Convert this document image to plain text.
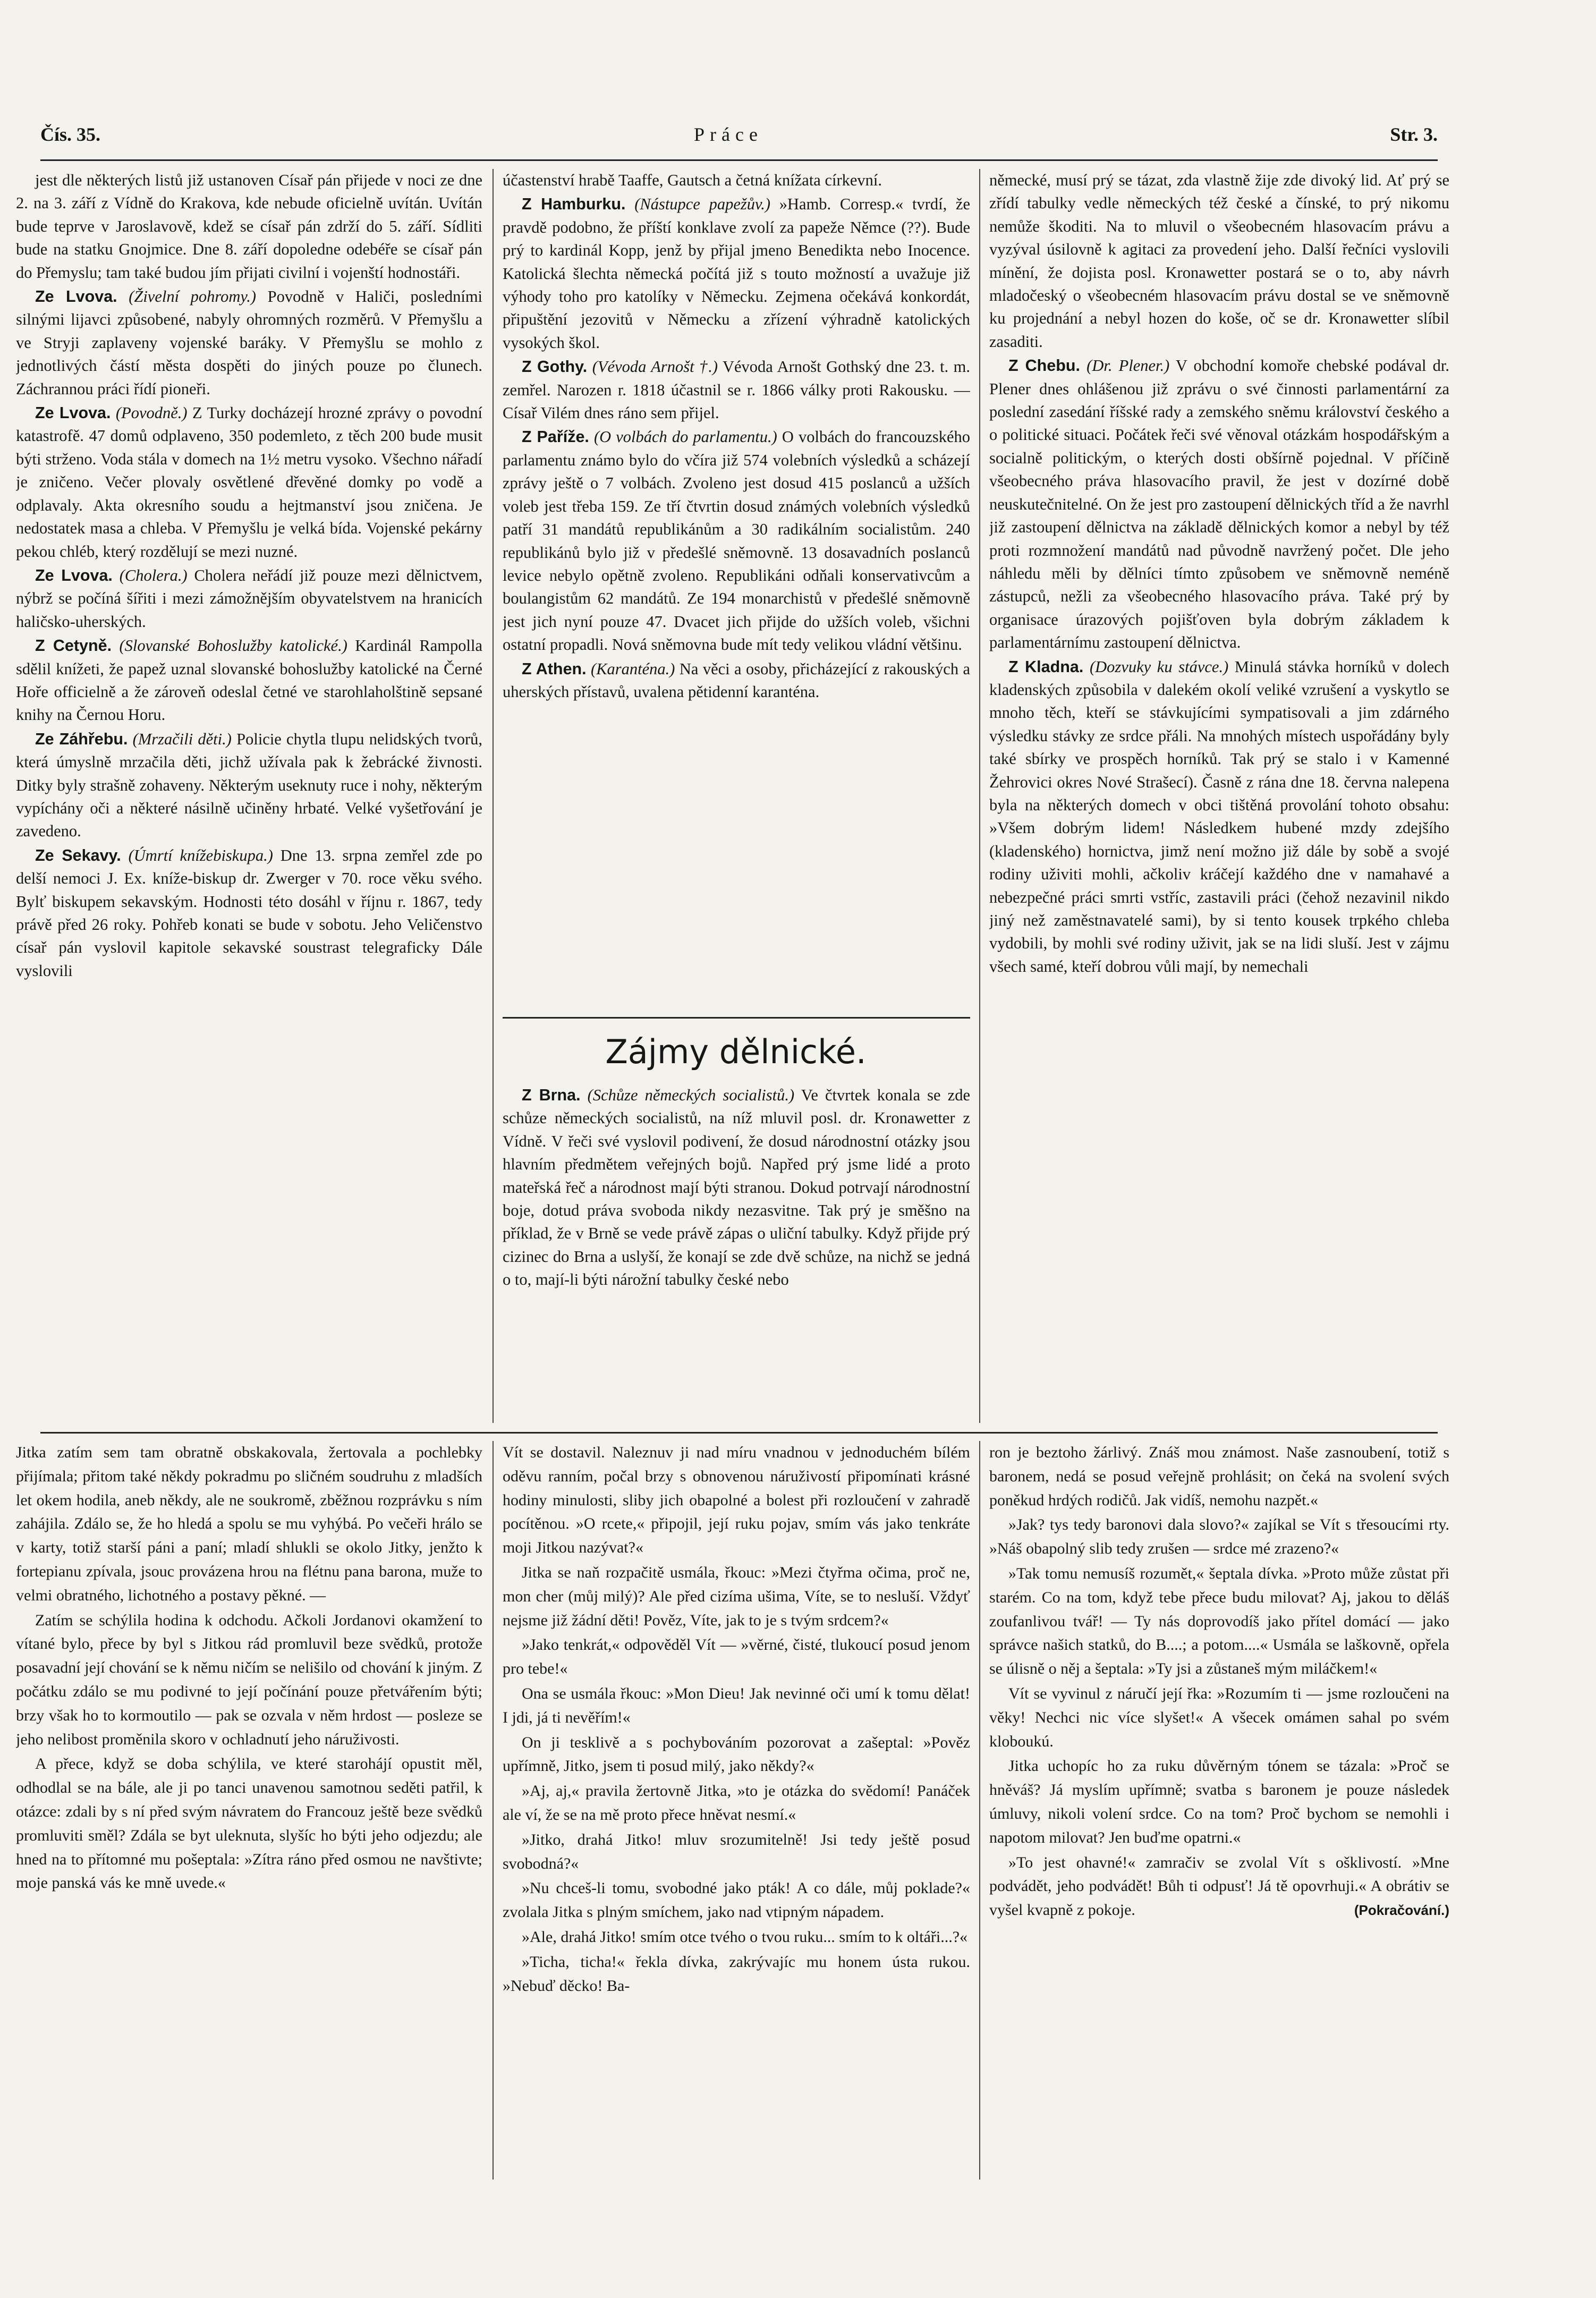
Čís. 35.	Práce	Str. 3.

jest dle některých listů již ustanoven Císař pán přijede v noci ze dne 2. na 3. září z Vídně do Krakova, kde nebude oficielně uvítán. Uvítán bude teprve v Jaroslavově, kdež se císař pán zdrží do 5. září. Sídliti bude na statku Gnojmice. Dne 8. září dopoledne odebéře se císař pán do Přemyslu; tam také budou jím přijati civilní i vojenští hodnostáři.

Ze Lvova. (Živelní pohromy.) Povodně v Haliči, posledními silnými lijavci způsobené, nabyly ohromných rozměrů. V Přemyšlu a ve Stryji zaplaveny vojenské baráky. V Přemyšlu se mohlo z jednotlivých částí města dospěti do jiných pouze po člunech. Záchrannou práci řídí pioneři.

Ze Lvova. (Povodně.) Z Turky docházejí hrozné zprávy o povodní katastrofě. 47 domů odplaveno, 350 podemleto, z těch 200 bude musit býti strženo. Voda stála v domech na 1½ metru vysoko. Všechno nářadí je zničeno. Večer plovaly osvětlené dřevěné domky po vodě a odplavaly. Akta okresního soudu a hejtmanství jsou zničena. Je nedostatek masa a chleba. V Přemyšlu je velká bída. Vojenské pekárny pekou chléb, který rozdělují se mezi nuzné.

Ze Lvova. (Cholera.) Cholera neřádí již pouze mezi dělnictvem, nýbrž se počíná šířiti i mezi zámožnějším obyvatelstvem na hranicích haličsko-uherských.

Z Cetyně. (Slovanské Bohoslužby katolické.) Kardinál Rampolla sdělil knížeti, že papež uznal slovanské bohoslužby katolické na Černé Hoře officielně a že zároveň odeslal četné ve starohlaholštině sepsané knihy na Černou Horu.

Ze Záhřebu. (Mrzačili děti.) Policie chytla tlupu nelidských tvorů, která úmyslně mrzačila děti, jichž užívala pak k žebrácké živnosti. Ditky byly strašně zohaveny. Některým useknuty ruce i nohy, některým vypíchány oči a některé násilně učiněny hrbaté. Velké vyšetřování je zavedeno.

Ze Sekavy. (Úmrtí knížebiskupa.) Dne 13. srpna zemřel zde po delší nemoci J. Ex. kníže-biskup dr. Zwerger v 70. roce věku svého. Bylť biskupem sekavským. Hodnosti této dosáhl v říjnu r. 1867, tedy právě před 26 roky. Pohřeb konati se bude v sobotu. Jeho Veličenstvo císař pán vyslovil kapitole sekavské soustrast telegraficky Dále vyslovili

účastenství hrabě Taaffe, Gautsch a četná knížata církevní.

Z Hamburku. (Nástupce papežův.) »Hamb. Corresp.« tvrdí, že pravdě podobno, že příští konklave zvolí za papeže Němce (??). Bude prý to kardinál Kopp, jenž by přijal jmeno Benedikta nebo Inocence. Katolická šlechta německá počítá již s touto možností a uvažuje již výhody toho pro katolíky v Německu. Zejmena očekává konkordát, připuštění jezovitů v Německu a zřízení výhradně katolických vysokých škol.

Z Gothy. (Vévoda Arnošt †.) Vévoda Arnošt Gothský dne 23. t. m. zemřel. Narozen r. 1818 účastnil se r. 1866 války proti Rakousku. — Císař Vilém dnes ráno sem přijel.

Z Paříže. (O volbách do parlamentu.) O volbách do francouzského parlamentu známo bylo do včíra již 574 volebních výsledků a scházejí zprávy ještě o 7 volbách. Zvoleno jest dosud 415 poslanců a užších voleb jest třeba 159. Ze tří čtvrtin dosud známých volebních výsledků patří 31 mandátů republikánům a 30 radikálním socialistům. 240 republikánů bylo již v předešlé sněmovně. 13 dosavadních poslanců levice nebylo opětně zvoleno. Republikáni odňali konservativcům a boulangistům 62 mandátů. Ze 194 monarchistů v předešlé sněmovně jest jich nyní pouze 47. Dvacet jich přijde do užších voleb, všichni ostatní propadli. Nová sněmovna bude mít tedy velikou vládní většinu.

Z Athen. (Karanténa.) Na věci a osoby, přicházející z rakouských a uherských přístavů, uvalena pětidenní karanténa.

Zájmy dělnické.

Z Brna. (Schůze německých socialistů.) Ve čtvrtek konala se zde schůze německých socialistů, na níž mluvil posl. dr. Kronawetter z Vídně. V řeči své vyslovil podivení, že dosud národnostní otázky jsou hlavním předmětem veřejných bojů. Napřed prý jsme lidé a proto mateřská řeč a národnost mají býti stranou. Dokud potrvají národnostní boje, dotud práva svoboda nikdy nezasvitne. Tak prý je směšno na příklad, že v Brně se vede právě zápas o uliční tabulky. Když přijde prý cizinec do Brna a uslyší, že konají se zde dvě schůze, na nichž se jedná o to, mají-li býti nárožní tabulky české nebo

německé, musí prý se tázat, zda vlastně žije zde divoký lid. Ať prý se zřídí tabulky vedle německých též české a čínské, to prý nikomu nemůže škoditi. Na to mluvil o všeobecném hlasovacím právu a vyzýval úsilovně k agitaci za provedení jeho. Další řečníci vyslovili mínění, že dojista posl. Kronawetter postará se o to, aby návrh mladočeský o všeobecném hlasovacím právu dostal se ve sněmovně ku projednání a nebyl hozen do koše, oč se dr. Kronawetter slíbil zasaditi.

Z Chebu. (Dr. Plener.) V obchodní komoře chebské podával dr. Plener dnes ohlášenou již zprávu o své činnosti parlamentární za poslední zasedání říšské rady a zemského sněmu království českého a o politické situaci. Počátek řeči své věnoval otázkám hospodářským a socialně politickým, o kterých dosti obšírně pojednal. V příčině všeobecného práva hlasovacího pravil, že jest v dozírné době neuskutečnitelné. On že jest pro zastoupení dělnických tříd a že navrhl již zastoupení dělnictva na základě dělnických komor a nebyl by též proti rozmnožení mandátů nad původně navržený počet. Dle jeho náhledu měli by dělníci tímto způsobem ve sněmovně neméně zástupců, nežli za všeobecného hlasovacího práva. Také prý by organisace úrazových pojišťoven byla dobrým základem k parlamentárnímu zastoupení dělnictva.

Z Kladna. (Dozvuky ku stávce.) Minulá stávka horníků v dolech kladenských způsobila v dalekém okolí veliké vzrušení a vyskytlo se mnoho těch, kteří se stávkujícími sympatisovali a jim zdárného výsledku stávky ze srdce přáli. Na mnohých místech uspořádány byly také sbírky ve prospěch horníků. Tak prý se stalo i v Kamenné Žehrovici okres Nové Strašecí). Časně z rána dne 18. června nalepena byla na některých domech v obci tištěná provolání tohoto obsahu: »Všem dobrým lidem! Následkem hubené mzdy zdejšího (kladenského) hornictva, jimž není možno již dále by sobě a svojé rodiny uživiti mohli, ačkoliv kráčejí každého dne v namahavé a nebezpečné práci smrti vstříc, zastavili práci (čehož nezavinil nikdo jiný než zaměstnavatelé sami), by si tento kousek trpkého chleba vydobili, by mohli své rodiny uživit, jak se na lidi sluší. Jest v zájmu všech samé, kteří dobrou vůli mají, by nemechali

Jitka zatím sem tam obratně obskakovala, žertovala a pochlebky přijímala; přitom také někdy pokradmu po sličném soudruhu z mladších let okem hodila, aneb někdy, ale ne soukromě, zběžnou rozprávku s ním zahájila. Zdálo se, že ho hledá a spolu se mu vyhýbá. Po večeři hrálo se v karty, totiž starší páni a paní; mladí shlukli se okolo Jitky, jenžto k fortepianu zpívala, jsouc provázena hrou na flétnu pana barona, muže to velmi obratného, lichotného a postavy pěkné. —

Zatím se schýlila hodina k odchodu. Ačkoli Jordanovi okamžení to vítané bylo, přece by byl s Jitkou rád promluvil beze svědků, protože posavadní její chování se k němu ničím se nelišilo od chování k jiným. Z počátku zdálo se mu podivné to její počínání pouze přetvářením býti; brzy však ho to kormoutilo — pak se ozvala v něm hrdost — posleze se jeho nelibost proměnila skoro v ochladnutí jeho náruživosti.

A přece, když se doba schýlila, ve které starohájí opustit měl, odhodlal se na bále, ale ji po tanci unavenou samotnou seděti patřil, k otázce: zdali by s ní před svým návratem do Francouz ještě beze svědků promluviti směl? Zdála se byt uleknuta, slyšíc ho býti jeho odjezdu; ale hned na to přítomné mu pošeptala: »Zítra ráno před osmou ne navštivte; moje panská vás ke mně uvede.«

Vít se dostavil. Naleznuv ji nad míru vnadnou v jednoduchém bílém oděvu ranním, počal brzy s obnovenou náruživostí připomínati krásné hodiny minulosti, sliby jich obapolné a bolest při rozloučení v zahradě pocítěnou. »O rcete,« připojil, její ruku pojav, smím vás jako tenkráte moji Jitkou nazývat?«

Jitka se naň rozpačitě usmála, řkouc: »Mezi čtyřma očima, proč ne, mon cher (můj milý)? Ale před cizíma ušima, Víte, se to nesluší. Vždyť nejsme již žádní děti! Pověz, Víte, jak to je s tvým srdcem?«

»Jako tenkrát,« odpověděl Vít — »věrné, čisté, tlukoucí posud jenom pro tebe!«

Ona se usmála řkouc: »Mon Dieu! Jak nevinné oči umí k tomu dělat! I jdi, já ti nevěřím!«

On ji tesklivě a s pochybováním pozorovat a zašeptal: »Pověz upřímně, Jitko, jsem ti posud milý, jako někdy?«

»Aj, aj,« pravila žertovně Jitka, »to je otázka do svědomí! Panáček ale ví, že se na mě proto přece hněvat nesmí.«

»Jitko, drahá Jitko! mluv srozumitelně! Jsi tedy ještě posud svobodná?«

»Nu chceš-li tomu, svobodné jako pták! A co dále, můj poklade?« zvolala Jitka s plným smíchem, jako nad vtipným nápadem.

»Ale, drahá Jitko! smím otce tvého o tvou ruku... smím to k oltáři...?«

»Ticha, ticha!« řekla dívka, zakrývajíc mu honem ústa rukou. »Nebuď děcko! Ba-

ron je beztoho žárlivý. Znáš mou známost. Naše zasnoubení, totiž s baronem, nedá se posud veřejně prohlásit; on čeká na svolení svých poněkud hrdých rodičů. Jak vidíš, nemohu nazpět.«

»Jak? tys tedy baronovi dala slovo?« zajíkal se Vít s třesoucími rty. »Náš obapolný slib tedy zrušen — srdce mé zrazeno?«

»Tak tomu nemusíš rozumět,« šeptala dívka. »Proto může zůstat při starém. Co na tom, když tebe přece budu milovat? Aj, jakou to děláš zoufanlivou tvář! — Ty nás doprovodíš jako přítel domácí — jako správce našich statků, do B....; a potom....« Usmála se laškovně, opřela se úlisně o něj a šeptala: »Ty jsi a zůstaneš mým miláčkem!«

Vít se vyvinul z náručí její řka: »Rozumím ti — jsme rozloučeni na věky! Nechci nic více slyšet!« A všecek omámen sahal po svém kloboukú.

Jitka uchopíc ho za ruku důvěrným tónem se tázala: »Proč se hněváš? Já myslím upřímně; svatba s baronem je pouze následek úmluvy, nikoli volení srdce. Co na tom? Proč bychom se nemohli i napotom milovat? Jen buďme opatrni.«

»To jest ohavné!« zamračiv se zvolal Vít s ošklivostí. »Mne podvádět, jeho podvádět! Bůh ti odpusť! Já tě opovrhuji.« A obrátiv se vyšel kvapně z pokoje.	(Pokračování.)
